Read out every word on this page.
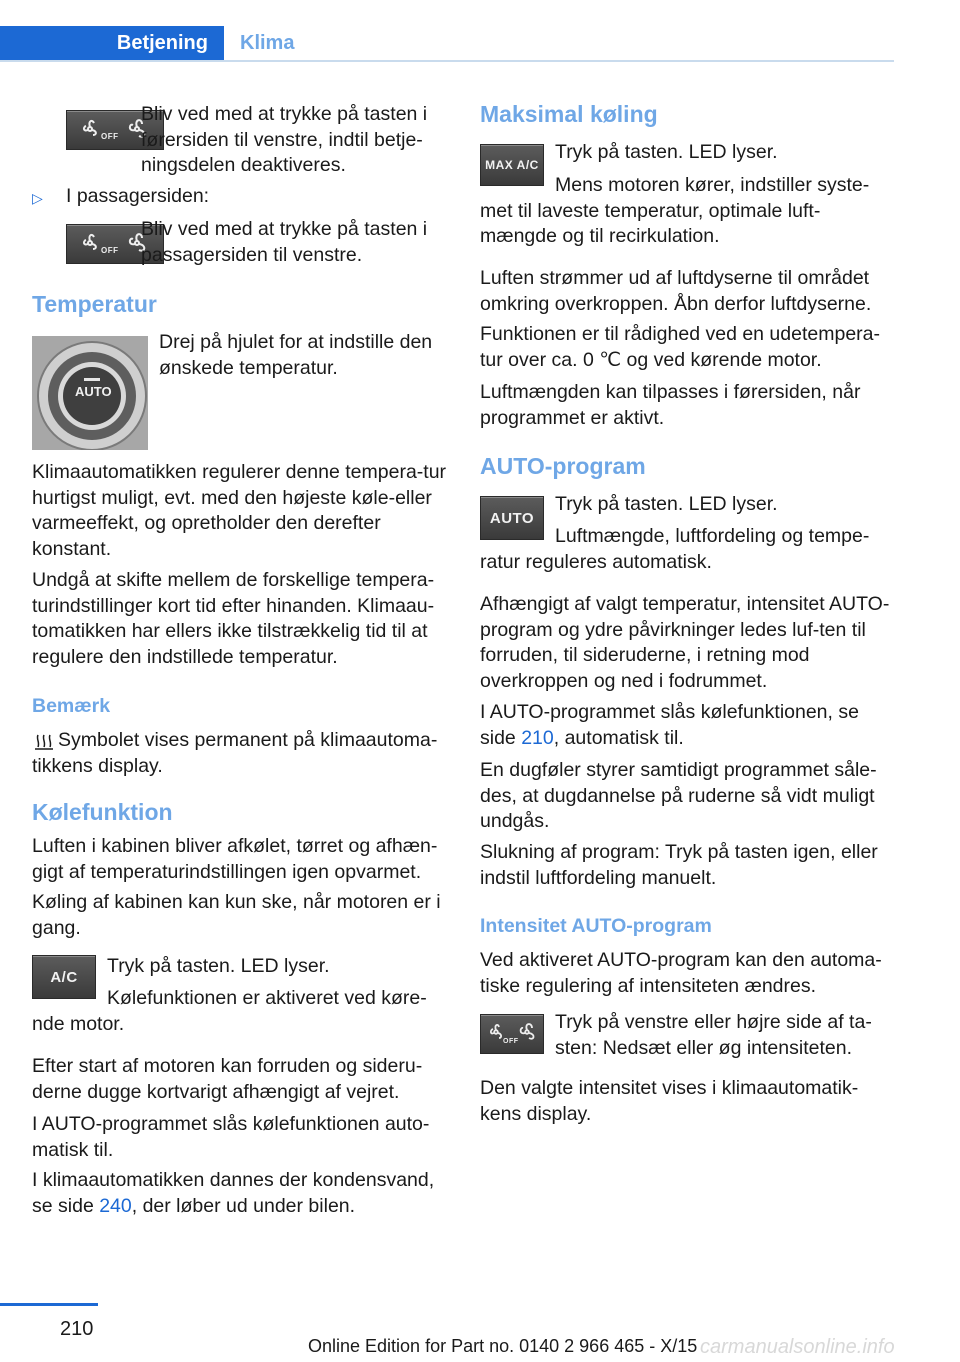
Betjening Klima
OFF

Bliv ved med at trykke på tasten i førersiden til venstre, indtil betje-ningsdelen deaktiveres.

▷ I passagersiden:

OFF

Bliv ved med at trykke på tasten i passagersiden til venstre.

Temperatur

Drej på hjulet for at indstille den ønskede temperatur.

Klimaautomatikken regulerer denne tempera-tur hurtigst muligt, evt. med den højeste køle-eller varmeeffekt, og opretholder den derefter konstant.

Undgå at skifte mellem de forskellige tempera-turindstillinger kort tid efter hinanden. Klimaau-tomatikken har ellers ikke tilstrækkelig tid til at regulere den indstillede temperatur.

Bemærk

Symbolet vises permanent på klimaautoma-tikkens display.

Kølefunktion

Luften i kabinen bliver afkølet, tørret og afhæn-gigt af temperaturindstillingen igen opvarmet.

Køling af kabinen kan kun ske, når motoren er i gang.

Tryk på tasten. LED lyser.

Kølefunktionen er aktiveret ved køre-nde motor.

Efter start af motoren kan forruden og sideru-derne dugge kortvarigt afhængigt af vejret.

I AUTO-programmet slås kølefunktionen auto-matisk til.

I klimaautomatikken dannes der kondensvand, se side 240, der løber ud under bilen.

AUTO
A/C
Maksimal køling

Tryk på tasten. LED lyser.

Mens motoren kører, indstiller syste-met til laveste temperatur, optimale luft-mængde og til recirkulation.

Luften strømmer ud af luftdyserne til området omkring overkroppen. Åbn derfor luftdyserne.

Funktionen er til rådighed ved en udetempera-tur over ca. 0 ℃ og ved kørende motor.

Luftmængden kan tilpasses i førersiden, når programmet er aktivt.

AUTO-program

Tryk på tasten. LED lyser.

Luftmængde, luftfordeling og tempe-ratur reguleres automatisk.

Afhængigt af valgt temperatur, intensitet AUTO-program og ydre påvirkninger ledes luf-ten til forruden, til sideruderne, i retning mod overkroppen og ned i fodrummet.

I AUTO-programmet slås kølefunktionen, se side 210, automatisk til.

En dugføler styrer samtidigt programmet såle-des, at dugdannelse på ruderne så vidt muligt undgås.

Slukning af program: Tryk på tasten igen, eller indstil luftfordeling manuelt.

Intensitet AUTO-program

Ved aktiveret AUTO-program kan den automa-tiske regulering af intensiteten ændres.

Tryk på venstre eller højre side af ta-sten: Nedsæt eller øg intensiteten.

Den valgte intensitet vises i klimaautomatik-kens display.

MAX A/C
AUTO
OFF
210
Online Edition for Part no. 0140 2 966 465 - X/15 carmanualsonline.info
